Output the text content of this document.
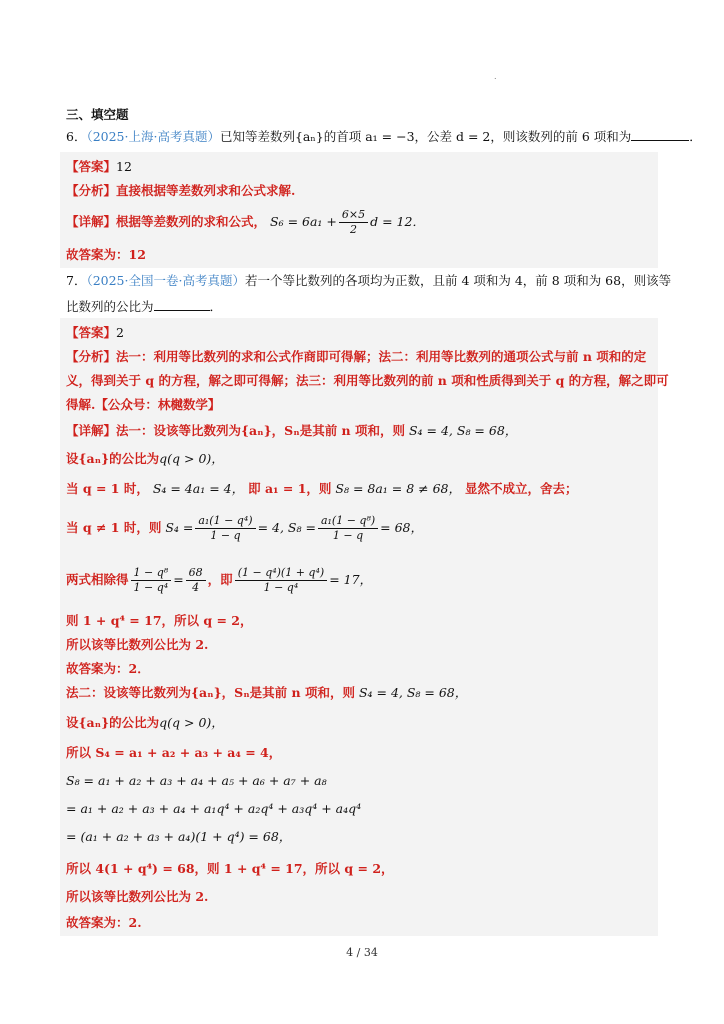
.
三、填空题
6．（2025·上海·高考真题）已知等差数列{aₙ}的首项 a₁ = −3，公差 d = 2，则该数列的前 6 项和为	．
【答案】12
【分析】直接根据等差数列求和公式求解.
【详解】根据等差数列的求和公式， $S_6 = 6a_1 + \frac{6\times 5}{2}$ d = 12．
故答案为：12
7．（2025·全国一卷·高考真题）若一个等比数列的各项均为正数，且前 4 项和为 4，前 8 项和为 68，则该等
比数列的公比为	．
【答案】2
【分析】法一：利用等比数列的求和公式作商即可得解；法二：利用等比数列的通项公式与前 n 项和的定
义，得到关于 q 的方程，解之即可得解；法三：利用等比数列的前 n 项和性质得到关于 q 的方程，解之即可
得解.【公众号：林樾数学】
【详解】法一：设该等比数列为{aₙ}，Sₙ是其前 n 项和，则 S₄ = 4, S₈ = 68，
设{aₙ}的公比为q(q > 0)，
当 q = 1 时， S₄ = 4a₁ = 4， 即 a₁ = 1，则 S₈ = 8a₁ = 8 ≠ 68， 显然不成立，舍去；
当 q ≠ 1 时，则 $S_4 = \frac{\text{a₁(1 − q⁴)}}{1 - q} = 4$, $S_8 = \frac{\text{a₁(1 − q⁸)}}{1 - q} = 68$，
两式相除得 $\frac{\text{1 − q⁸}}{\text{1 − q⁴}} = \frac{68}{4}$ ，即 $\frac{\text{(1 − q⁴)(1 + q⁴)}}{\text{1 − q⁴}} = 17$，
则 1 + q⁴ = 17，所以 q = 2，
所以该等比数列公比为 2.
故答案为：2．
法二：设该等比数列为{aₙ}，Sₙ是其前 n 项和，则 S₄ = 4, S₈ = 68，
设{aₙ}的公比为q(q > 0)，
所以 S₄ = a₁ + a₂ + a₃ + a₄ = 4，
S₈ = a₁ + a₂ + a₃ + a₄ + a₅ + a₆ + a₇ + a₈
= a₁ + a₂ + a₃ + a₄ + a₁q⁴ + a₂q⁴ + a₃q⁴ + a₄q⁴
= (a₁ + a₂ + a₃ + a₄)(1 + q⁴) = 68，
所以 4(1 + q⁴) = 68，则 1 + q⁴ = 17，所以 q = 2，
所以该等比数列公比为 2.
故答案为：2.
4 / 34
